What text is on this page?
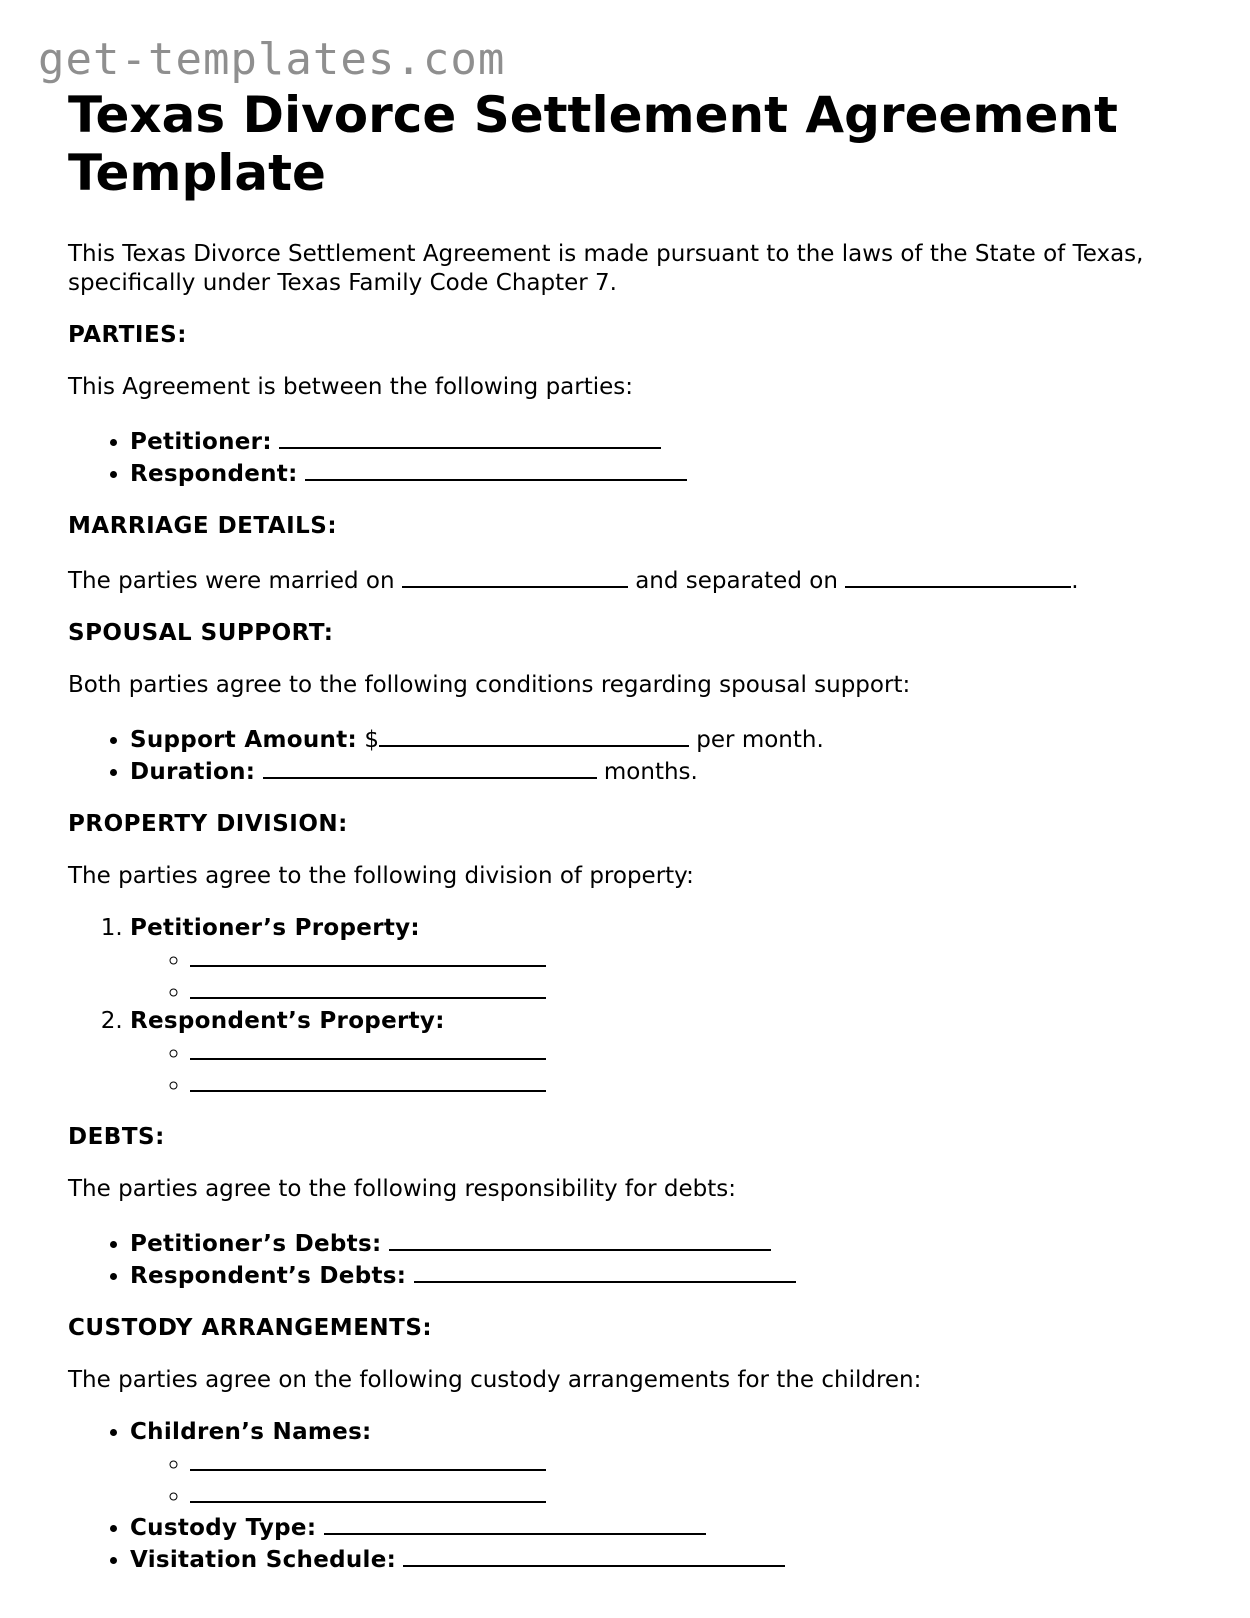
get-templates.com
Texas Divorce Settlement Agreement Template

This Texas Divorce Settlement Agreement is made pursuant to the laws of the State of Texas, specifically under Texas Family Code Chapter 7.

PARTIES:

This Agreement is between the following parties:

• Petitioner:
• Respondent:
MARRIAGE DETAILS:

The parties were married on	and separated on	.

SPOUSAL SUPPORT:

Both parties agree to the following conditions regarding spousal support:

• Support Amount: $	per month.
• Duration:	months.
PROPERTY DIVISION:

The parties agree to the following division of property:

1. Petitioner’s Property:
◦
◦
2. Respondent’s Property:
◦
◦
DEBTS:

The parties agree to the following responsibility for debts:

• Petitioner’s Debts:
• Respondent’s Debts:
CUSTODY ARRANGEMENTS:

The parties agree on the following custody arrangements for the children:

• Children’s Names:
◦
◦
• Custody Type:
• Visitation Schedule:
